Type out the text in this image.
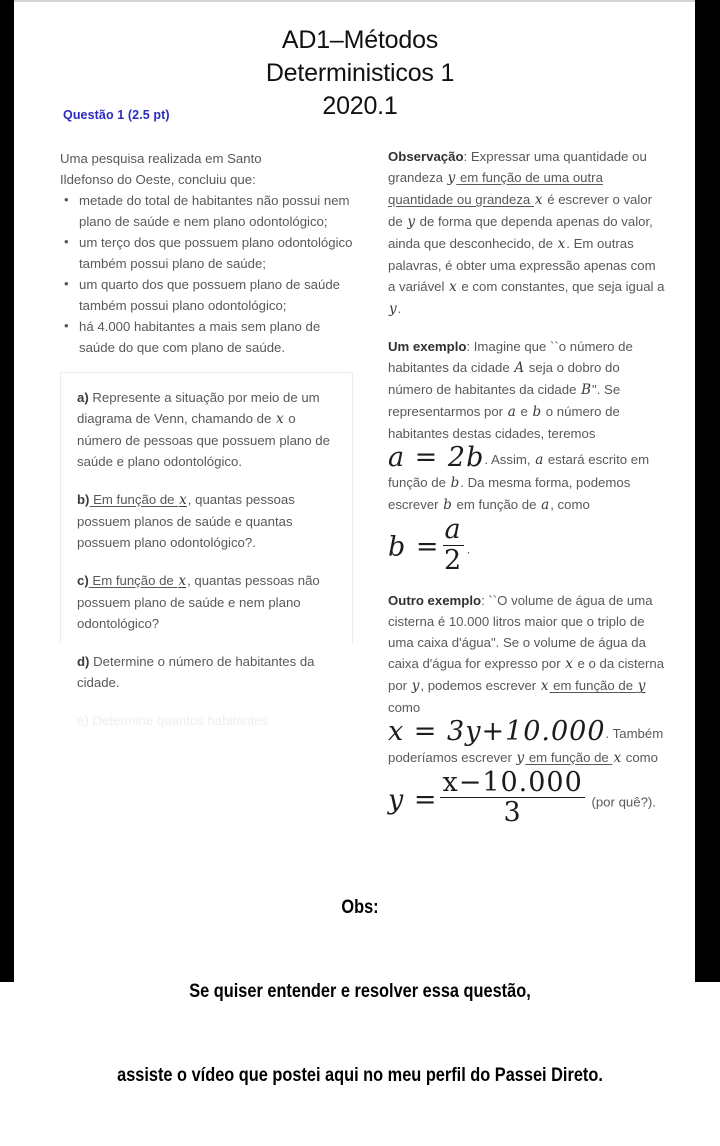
AD1–Métodos
Deterministicos 1
2020.1
Questão 1 (2.5 pt)

Uma pesquisa realizada em Santo

Ildefonso do Oeste, concluiu que:

• metade do total de habitantes não possui nem plano de saúde e nem plano odontológico;
• um terço dos que possuem plano odontológico também possui plano de saúde;
• um quarto dos que possuem plano de saúde também possui plano odontológico;
• há 4.000 habitantes a mais sem plano de saúde do que com plano de saúde.

a) Represente a situação por meio de um diagrama de Venn, chamando de x o número de pessoas que possuem plano de saúde e plano odontológico.

b) Em função de x, quantas pessoas possuem planos de saúde e quantas possuem plano odontológico?.

c) Em função de x, quantas pessoas não possuem plano de saúde e nem plano odontológico?

d) Determine o número de habitantes da cidade.

e) Determine quantos habitantes

Observação: Expressar uma quantidade ou grandeza y em função de uma outra quantidade ou grandeza x é escrever o valor de y de forma que dependa apenas do valor, ainda que desconhecido, de x. Em outras palavras, é obter uma expressão apenas com a variável x e com constantes, que seja igual a y.

Um exemplo: Imagine que ``o número de habitantes da cidade A seja o dobro do número de habitantes da cidade B". Se representarmos por a e b o número de habitantes destas cidades, teremos

a = 2b. Assim, a estará escrito em função de b. Da mesma forma, podemos escrever b em função de a, como

$b = \frac{a}{2}$ .

Outro exemplo: ``O volume de água de uma cisterna é 10.000 litros maior que o triplo de uma caixa d'água". Se o volume de água da caixa d'água for expresso por x e o da cisterna por y, podemos escrever x em função de y como

x = 3y+10.000. Também poderíamos escrever y em função de x como

$y = \frac{x-10.000}{3} (por$ quê?).

Obs:

Se quiser entender e resolver essa questão,

assiste o vídeo que postei aqui no meu perfil do Passei Direto.
